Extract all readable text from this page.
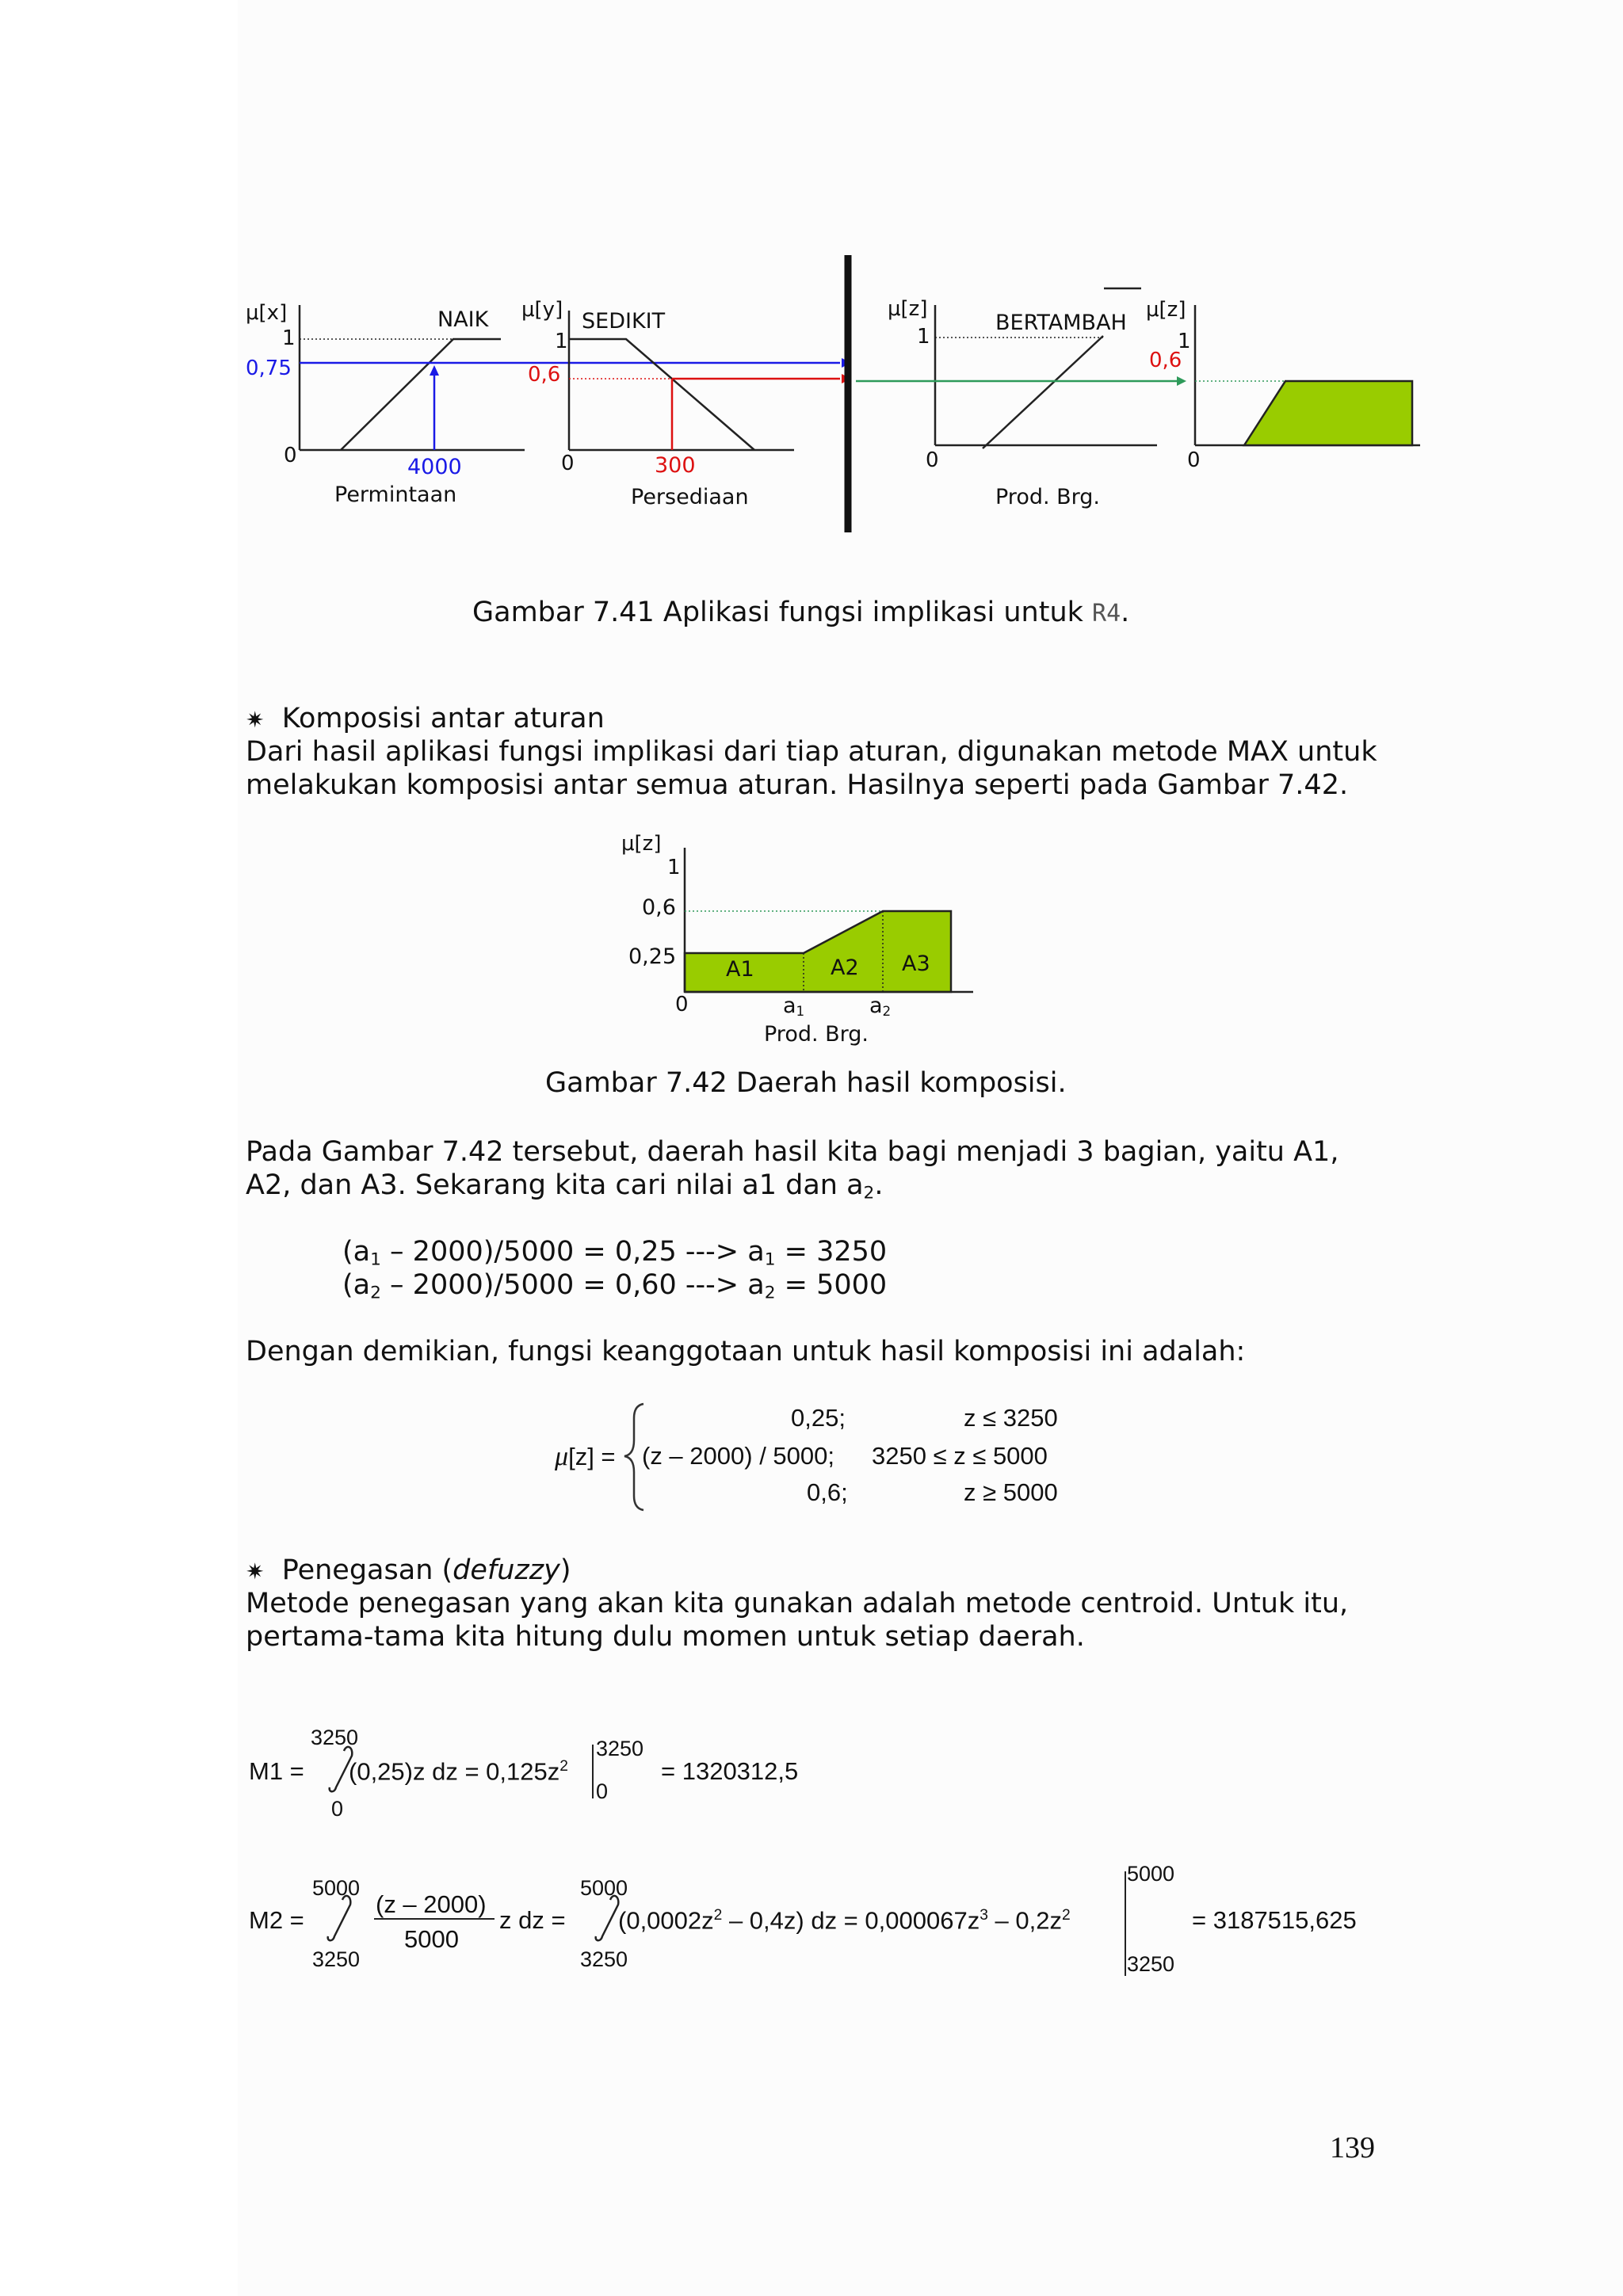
μ[x]
1
NAIK
0,75
0	4000
Permintaan
μ[y]
1
SEDIKIT
0,6
0	300
Persediaan
μ[z]
1
BERTAMBAH
0
Prod. Brg.
μ[z]
1
0,6
0
Gambar 7.41 Aplikasi fungsi implikasi untuk R4.
✷ Komposisi antar aturan
Dari hasil aplikasi fungsi implikasi dari tiap aturan, digunakan metode MAX untuk
melakukan komposisi antar semua aturan. Hasilnya seperti pada Gambar 7.42.
μ[z]
1
0,6
0,25
0	$a_1$	$a_2$
A1	A2 A3
Prod. Brg.
Gambar 7.42 Daerah hasil komposisi.
Pada Gambar 7.42 tersebut, daerah hasil kita bagi menjadi 3 bagian, yaitu A1,
A2, dan A3. Sekarang kita cari nilai a1 dan $a_2$.
$(a_1 - 2000)/5000 = 0,25$ ---> $a_1 = 3250$
$(a_2 - 2000)/5000 = 0,60$ ---> $a_2 = 5000$
Dengan demikian, fungsi keanggotaan untuk hasil komposisi ini adalah:
μ[z] =
0,25;	z ≤ 3250
(z – 2000) / 5000; 3250 ≤ z ≤ 5000
0,6;	z ≥ 5000
✷ Penegasan (defuzzy)
Metode penegasan yang akan kita gunakan adalah metode centroid. Untuk itu,
pertama-tama kita hitung dulu momen untuk setiap daerah.
M1 =
3250
0
(0,25)z dz = $0,125z^2$
3250
0
= 1320312,5
M2 =
5000
3250
(z – 2000)
5000
z dz =
5000
3250
$(0,0002z^2 - 0,4z)$ dz = $0,000067z^3 - 0,2z^2$
5000
3250
= 3187515,625
139
